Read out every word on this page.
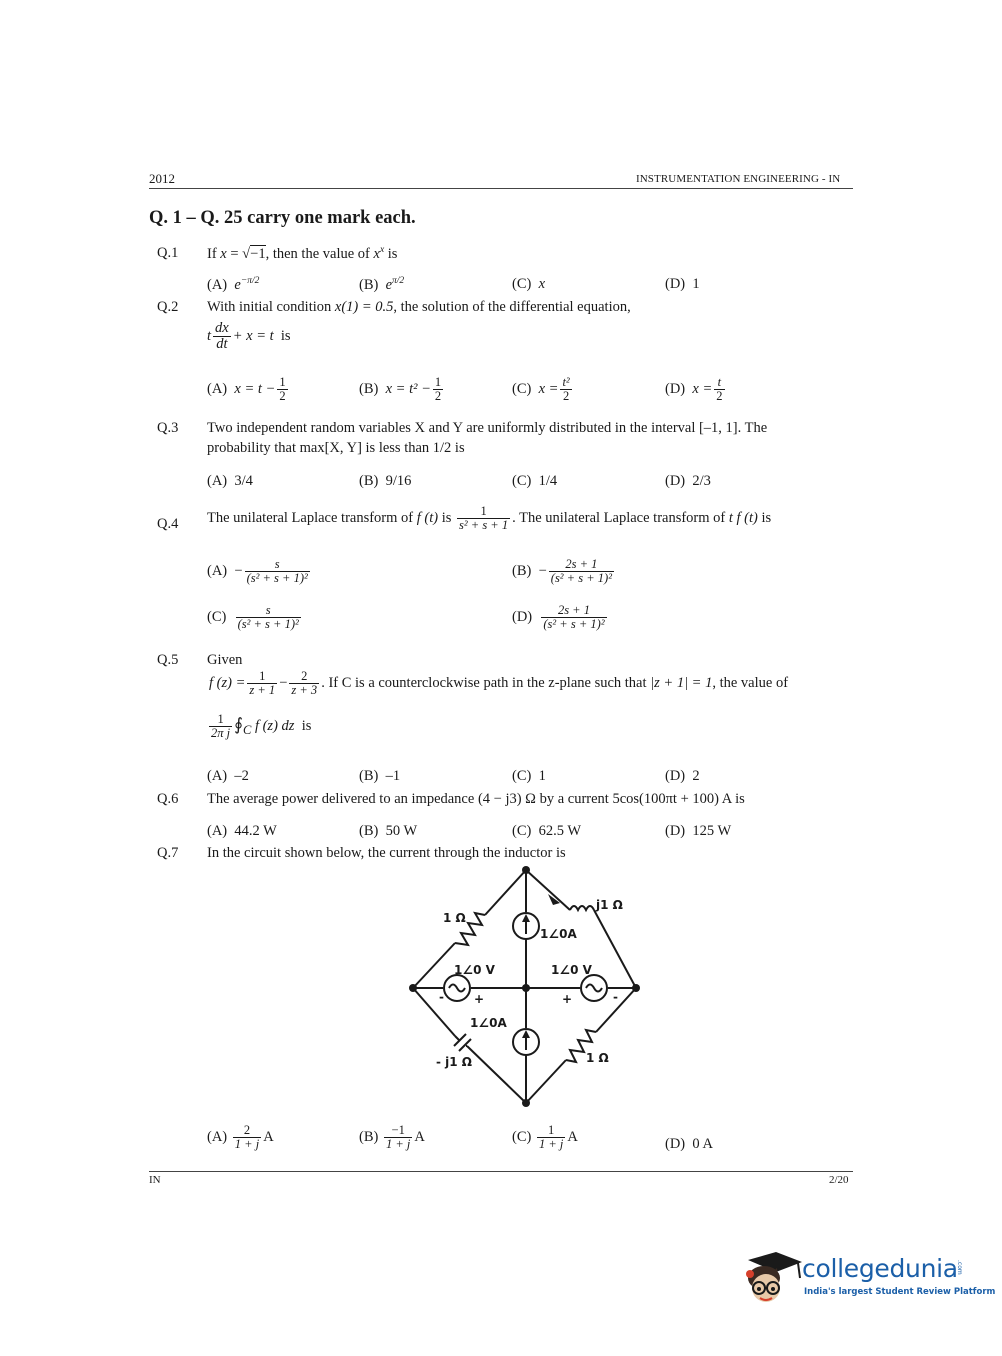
2012	INSTRUMENTATION ENGINEERING - IN
Q. 1 – Q. 25 carry one mark each.
Q.1 If x = √−1, then the value of $x^x$ is
(A) $e^{-\pi/2}$	(B) $e^{\pi/2}$	(C) x	(D) 1
Q.2 With initial condition x(1) = 0.5, the solution of the differential equation,
t $\frac{dx}{dt} + x = t$ is
(A) $x = t - \frac{1}{2}$	(B) $x = t^2 - \frac{1}{2}$	(C) $x = \frac{\text{t²}}{2}$	(D) $x = \frac{t}{2}$
Q.3 Two independent random variables X and Y are uniformly distributed in the interval [–1, 1]. The
probability that max[X, Y] is less than 1/2 is
(A) 3/4	(B) 9/16	(C) 1/4	(D) 2/3
Q.4 The unilateral Laplace transform of f (t) is $\frac{1}{\text{s² + s + 1}}$ . The unilateral Laplace transform of t f (t) is
$(A) - \frac{s}{\text{(s² + s + 1)²}}$	$(B) - \frac{2s + 1}{\text{(s² + s + 1)²}}$
$(C) \frac{s}{\text{(s² + s + 1)²}}$	$(D) \frac{2s + 1}{\text{(s² + s + 1)²}}$
Q.5 Given
f $(z) = \frac{1}{z + 1} - \frac{2}{z + 3}$ . If C is a counterclockwise path in the z-plane such that |z + 1| = 1, the value of
$\frac{1}{\text{2π j}}$ $∮_C$ f (z) dz is
(A) –2	(B) –1	(C) 1	(D) 2
Q.6 The average power delivered to an impedance (4 − j3) Ω by a current 5cos(100πt + 100) A is
(A) 44.2 W	(B) 50 W	(C) 62.5 W	(D) 125 W
Q.7 In the circuit shown below, the current through the inductor is
1 Ω
j1 Ω
1∠0A
1∠0 V	1∠0 V
+
-	+	-
1∠0A
- j1 Ω	1 Ω
$(A) \frac{2}{1 + j}$ A	$(B) \frac{-1}{1 + j}$ A	$(C) \frac{1}{1 + j}$ A	(D) 0 A
IN	2/20
collegedunia
.com
India's largest Student Review Platform
